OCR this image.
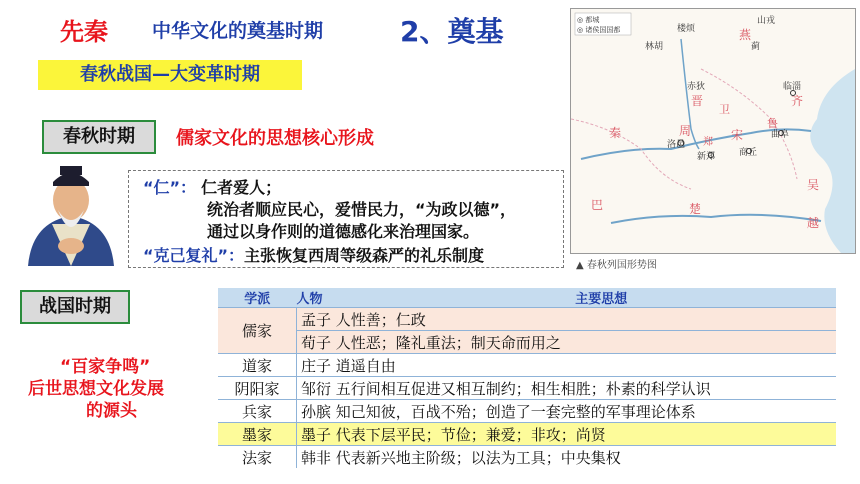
先秦 中华文化的奠基时期	2、奠基
春秋战国—大变革时期
春秋时期	儒家文化的思想核心形成
“仁”： 仁者爱人；
统治者顺应民心，爱惜民力，“为政以德”，
通过以身作则的道德感化来治理国家。
“克己复礼”：主张恢复西周等级森严的礼乐制度
战国时期
“百家争鸣”
后世思想文化发展
的源头
◎ 都城
◎ 诸侯国国都
晋	齐
秦	周
郑
宋
楚
吴
越
燕
鲁
卫
巴
山戎
林胡
楼烦
赤狄
洛邑
新郑
临淄
曲阜
商丘
蓟
▲ 春秋列国形势图
学派	人物	主要思想
儒家	孟子 人性善；仁政	
	荀子 人性恶；隆礼重法；制天命而用之	
道家	庄子 逍遥自由	
阴阳家	邹衍 五行间相互促进又相互制约；相生相胜；朴素的科学认识	
兵家	孙膑 知己知彼，百战不殆；创造了一套完整的军事理论体系	
墨家	墨子 代表下层平民；节俭；兼爱；非攻；尚贤	
法家	韩非 代表新兴地主阶级；以法为工具；中央集权	
